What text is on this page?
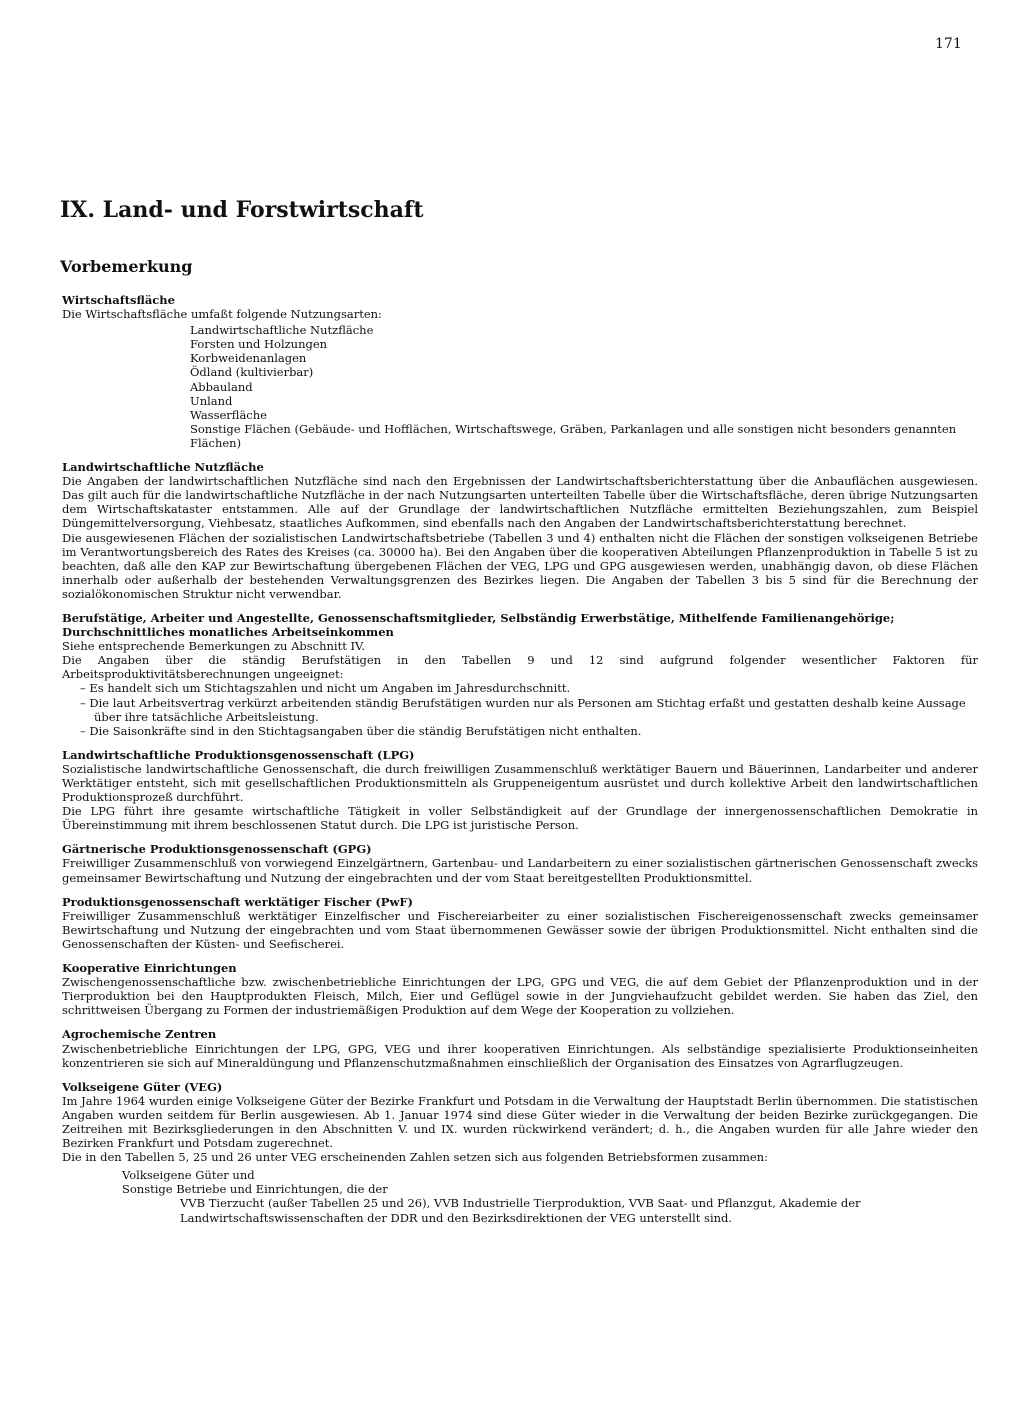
171
IX. Land- und Forstwirtschaft
Vorbemerkung

Wirtschaftsfläche

Die Wirtschaftsfläche umfaßt folgende Nutzungsarten:

Landwirtschaftliche Nutzfläche
Forsten und Holzungen
Korbweidenanlagen
Ödland (kultivierbar)
Abbauland
Unland
Wasserfläche
Sonstige Flächen (Gebäude- und Hofflächen, Wirtschaftswege, Gräben, Parkanlagen und alle sonstigen nicht besonders genannten Flächen)

Landwirtschaftliche Nutzfläche

Die Angaben der landwirtschaftlichen Nutzfläche sind nach den Ergebnissen der Landwirtschaftsberichterstattung über die Anbauflächen ausgewiesen. Das gilt auch für die landwirtschaftliche Nutzfläche in der nach Nutzungsarten unterteilten Tabelle über die Wirtschaftsfläche, deren übrige Nutzungsarten dem Wirtschaftskataster entstammen. Alle auf der Grundlage der landwirtschaftlichen Nutzfläche ermittelten Beziehungszahlen, zum Beispiel Düngemittelversorgung, Viehbesatz, staatliches Aufkommen, sind ebenfalls nach den Angaben der Landwirtschaftsberichterstattung berechnet.

Die ausgewiesenen Flächen der sozialistischen Landwirtschaftsbetriebe (Tabellen 3 und 4) enthalten nicht die Flächen der sonstigen volkseigenen Betriebe im Verantwortungsbereich des Rates des Kreises (ca. 30000 ha). Bei den Angaben über die kooperativen Abteilungen Pflanzenproduktion in Tabelle 5 ist zu beachten, daß alle den KAP zur Bewirtschaftung übergebenen Flächen der VEG, LPG und GPG ausgewiesen werden, unabhängig davon, ob diese Flächen innerhalb oder außerhalb der bestehenden Verwaltungsgrenzen des Bezirkes liegen. Die Angaben der Tabellen 3 bis 5 sind für die Berechnung der sozialökonomischen Struktur nicht verwendbar.

Berufstätige, Arbeiter und Angestellte, Genossenschaftsmitglieder, Selbständig Erwerbstätige, Mithelfende Familienangehörige; Durchschnittliches monatliches Arbeitseinkommen

Siehe entsprechende Bemerkungen zu Abschnitt IV.

Die Angaben über die ständig Berufstätigen in den Tabellen 9 und 12 sind aufgrund folgender wesentlicher Faktoren für Arbeitsproduktivitätsberechnungen ungeeignet:

– Es handelt sich um Stichtagszahlen und nicht um Angaben im Jahresdurchschnitt.
– Die laut Arbeitsvertrag verkürzt arbeitenden ständig Berufstätigen wurden nur als Personen am Stichtag erfaßt und gestatten deshalb keine Aussage über ihre tatsächliche Arbeitsleistung.
– Die Saisonkräfte sind in den Stichtagsangaben über die ständig Berufstätigen nicht enthalten.

Landwirtschaftliche Produktionsgenossenschaft (LPG)

Sozialistische landwirtschaftliche Genossenschaft, die durch freiwilligen Zusammenschluß werktätiger Bauern und Bäuerinnen, Landarbeiter und anderer Werktätiger entsteht, sich mit gesellschaftlichen Produktionsmitteln als Gruppeneigentum ausrüstet und durch kollektive Arbeit den landwirtschaftlichen Produktionsprozeß durchführt.

Die LPG führt ihre gesamte wirtschaftliche Tätigkeit in voller Selbständigkeit auf der Grundlage der innergenossenschaftlichen Demokratie in Übereinstimmung mit ihrem beschlossenen Statut durch. Die LPG ist juristische Person.

Gärtnerische Produktionsgenossenschaft (GPG)

Freiwilliger Zusammenschluß von vorwiegend Einzelgärtnern, Gartenbau- und Landarbeitern zu einer sozialistischen gärtnerischen Genossenschaft zwecks gemeinsamer Bewirtschaftung und Nutzung der eingebrachten und der vom Staat bereitgestellten Produktionsmittel.

Produktionsgenossenschaft werktätiger Fischer (PwF)

Freiwilliger Zusammenschluß werktätiger Einzelfischer und Fischereiarbeiter zu einer sozialistischen Fischereigenossenschaft zwecks gemeinsamer Bewirtschaftung und Nutzung der eingebrachten und vom Staat übernommenen Gewässer sowie der übrigen Produktionsmittel. Nicht enthalten sind die Genossenschaften der Küsten- und Seefischerei.

Kooperative Einrichtungen

Zwischengenossenschaftliche bzw. zwischenbetriebliche Einrichtungen der LPG, GPG und VEG, die auf dem Gebiet der Pflanzenproduktion und in der Tierproduktion bei den Hauptprodukten Fleisch, Milch, Eier und Geflügel sowie in der Jungviehaufzucht gebildet werden. Sie haben das Ziel, den schrittweisen Übergang zu Formen der industriemäßigen Produktion auf dem Wege der Kooperation zu vollziehen.

Agrochemische Zentren

Zwischenbetriebliche Einrichtungen der LPG, GPG, VEG und ihrer kooperativen Einrichtungen. Als selbständige spezialisierte Produktionseinheiten konzentrieren sie sich auf Mineraldüngung und Pflanzenschutzmaßnahmen einschließlich der Organisation des Einsatzes von Agrarflugzeugen.

Volkseigene Güter (VEG)

Im Jahre 1964 wurden einige Volkseigene Güter der Bezirke Frankfurt und Potsdam in die Verwaltung der Hauptstadt Berlin übernommen. Die statistischen Angaben wurden seitdem für Berlin ausgewiesen. Ab 1. Januar 1974 sind diese Güter wieder in die Verwaltung der beiden Bezirke zurückgegangen. Die Zeitreihen mit Bezirksgliederungen in den Abschnitten V. und IX. wurden rückwirkend verändert; d. h., die Angaben wurden für alle Jahre wieder den Bezirken Frankfurt und Potsdam zugerechnet.

Die in den Tabellen 5, 25 und 26 unter VEG erscheinenden Zahlen setzen sich aus folgenden Betriebsformen zusammen:

Volkseigene Güter und
Sonstige Betriebe und Einrichtungen, die der
VVB Tierzucht (außer Tabellen 25 und 26), VVB Industrielle Tierproduktion, VVB Saat- und Pflanzgut, Akademie der Landwirtschaftswissenschaften der DDR und den Bezirksdirektionen der VEG unterstellt sind.
